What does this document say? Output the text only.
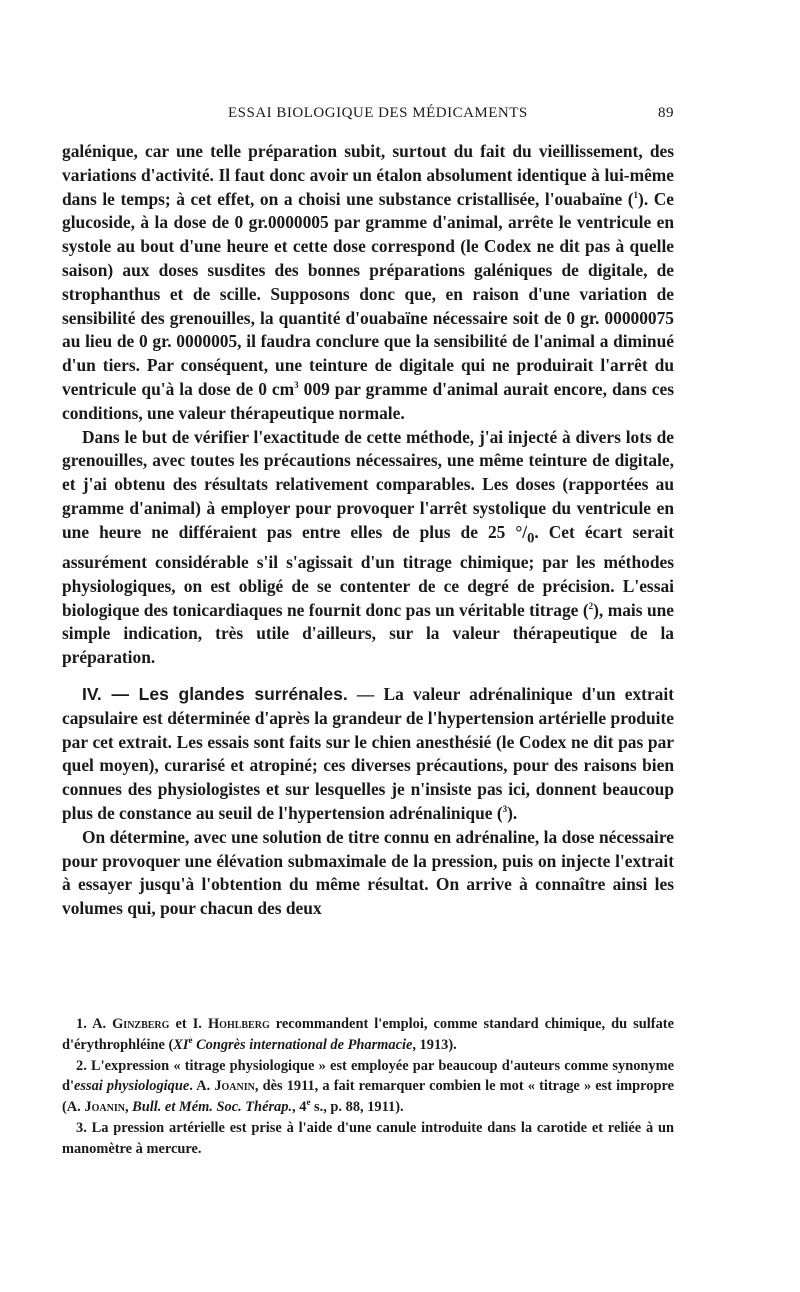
ESSAI BIOLOGIQUE DES MÉDICAMENTS	89

galénique, car une telle préparation subit, surtout du fait du vieillissement, des variations d'activité. Il faut donc avoir un étalon absolument identique à lui-même dans le temps; à cet effet, on a choisi une substance cristallisée, l'ouabaïne ($^1$). Ce glucoside, à la dose de 0 gr.0000005 par gramme d'animal, arrête le ventricule en systole au bout d'une heure et cette dose correspond (le Codex ne dit pas à quelle saison) aux doses susdites des bonnes préparations galéniques de digitale, de strophanthus et de scille. Supposons donc que, en raison d'une variation de sensibilité des grenouilles, la quantité d'ouabaïne nécessaire soit de 0 gr. 00000075 au lieu de 0 gr. 0000005, il faudra conclure que la sensibilité de l'animal a diminué d'un tiers. Par conséquent, une teinture de digitale qui ne produirait l'arrêt du ventricule qu'à la dose de 0 $cm^3$ 009 par gramme d'animal aurait encore, dans ces conditions, une valeur thérapeutique normale.

Dans le but de vérifier l'exactitude de cette méthode, j'ai injecté à divers lots de grenouilles, avec toutes les précautions nécessaires, une même teinture de digitale, et j'ai obtenu des résultats relativement comparables. Les doses (rapportées au gramme d'animal) à employer pour provoquer l'arrêt systolique du ventricule en une heure ne différaient pas entre elles de plus de 25 $^\circ/_0$. Cet écart serait assurément considérable s'il s'agissait d'un titrage chimique; par les méthodes physiologiques, on est obligé de se contenter de ce degré de précision. L'essai biologique des tonicardiaques ne fournit donc pas un véritable titrage ($^2$), mais une simple indication, très utile d'ailleurs, sur la valeur thérapeutique de la préparation.

IV. — Les glandes surrénales. — La valeur adrénalinique d'un extrait capsulaire est déterminée d'après la grandeur de l'hypertension artérielle produite par cet extrait. Les essais sont faits sur le chien anesthésié (le Codex ne dit pas par quel moyen), curarisé et atropiné; ces diverses précautions, pour des raisons bien connues des physiologistes et sur lesquelles je n'insiste pas ici, donnent beaucoup plus de constance au seuil de l'hypertension adrénalinique ($^3$).

On détermine, avec une solution de titre connu en adrénaline, la dose nécessaire pour provoquer une élévation submaximale de la pression, puis on injecte l'extrait à essayer jusqu'à l'obtention du même résultat. On arrive à connaître ainsi les volumes qui, pour chacun des deux

1. A. Ginzberg et I. Hohlberg recommandent l'emploi, comme standard chimique, du sulfate d'érythrophléine (XIe Congrès international de Pharmacie, 1913).

2. L'expression « titrage physiologique » est employée par beaucoup d'auteurs comme synonyme d'essai physiologique. A. Joanin, dès 1911, a fait remarquer combien le mot « titrage » est impropre (A. Joanin, Bull. et Mém. Soc. Thérap., 4e s., p. 88, 1911).

3. La pression artérielle est prise à l'aide d'une canule introduite dans la carotide et reliée à un manomètre à mercure.
